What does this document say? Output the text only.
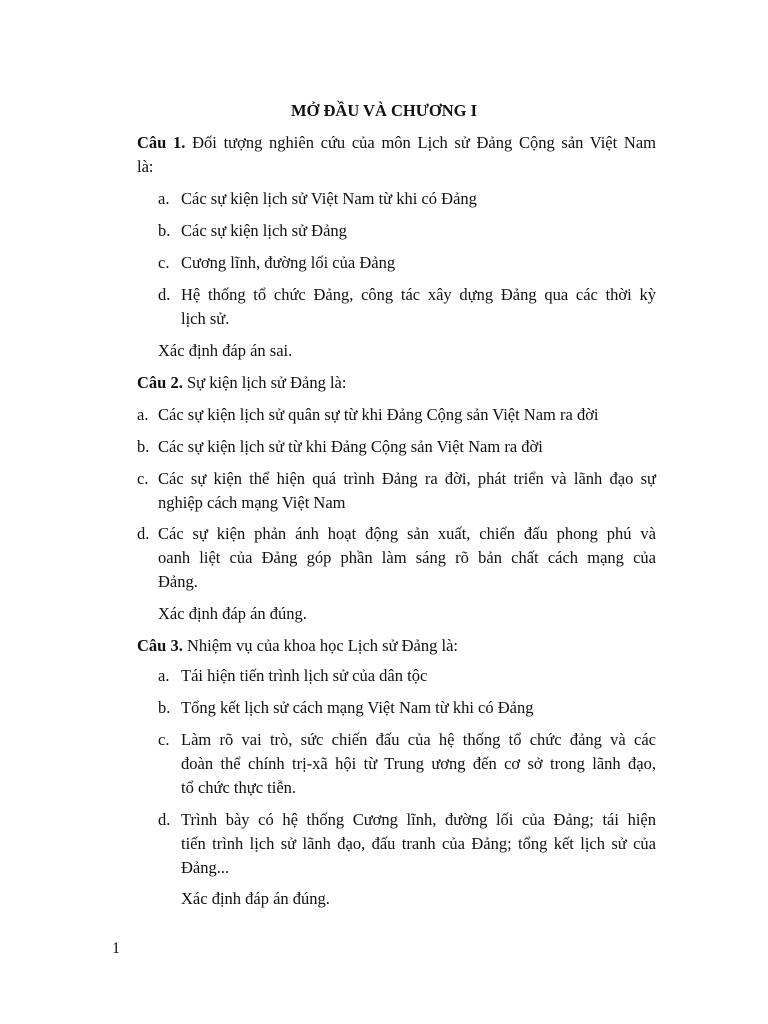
MỞ ĐẦU VÀ CHƯƠNG I
Câu 1. Đối tượng nghiên cứu của môn Lịch sử Đảng Cộng sản Việt Nam
là:
a. Các sự kiện lịch sử Việt Nam từ khi có Đảng
b. Các sự kiện lịch sử Đảng
c. Cương lĩnh, đường lối của Đảng
d. Hệ thống tổ chức Đảng, công tác xây dựng Đảng qua các thời kỳ
lịch sử.
Xác định đáp án sai.
Câu 2. Sự kiện lịch sử Đảng là:
a. Các sự kiện lịch sử quân sự từ khi Đảng Cộng sản Việt Nam ra đời
b. Các sự kiện lịch sử từ khi Đảng Cộng sản Việt Nam ra đời
c. Các sự kiện thể hiện quá trình Đảng ra đời, phát triển và lãnh đạo sự
nghiệp cách mạng Việt Nam
d. Các sự kiện phản ánh hoạt động sản xuất, chiến đấu phong phú và
oanh liệt của Đảng góp phần làm sáng rõ bản chất cách mạng của
Đảng.
Xác định đáp án đúng.
Câu 3. Nhiệm vụ của khoa học Lịch sử Đảng là:
a. Tái hiện tiến trình lịch sử của dân tộc
b. Tổng kết lịch sử cách mạng Việt Nam từ khi có Đảng
c. Làm rõ vai trò, sức chiến đấu của hệ thống tổ chức đảng và các
đoàn thể chính trị-xã hội từ Trung ương đến cơ sở trong lãnh đạo,
tổ chức thực tiễn.
d. Trình bày có hệ thống Cương lĩnh, đường lối của Đảng; tái hiện
tiến trình lịch sử lãnh đạo, đấu tranh của Đảng; tổng kết lịch sử của
Đảng...
Xác định đáp án đúng.
1
